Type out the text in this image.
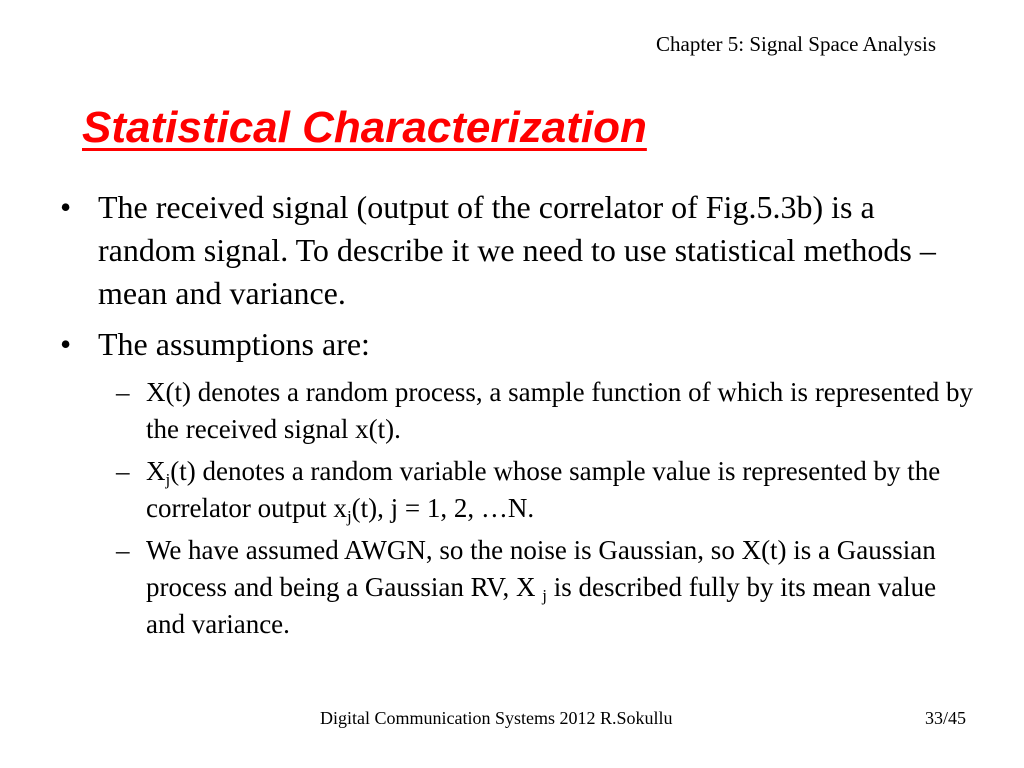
Chapter 5: Signal Space Analysis
Statistical Characterization
• The received signal (output of the correlator of Fig.5.3b) is a random signal. To describe it we need to use statistical methods – mean and variance.
• The assumptions are:
– X(t) denotes a random process, a sample function of which is represented by the received signal x(t).
– $X_j(t)$ denotes a random variable whose sample value is represented by the correlator output $x_j(t)$, j = 1, 2, …N.
– We have assumed AWGN, so the noise is Gaussian, so X(t) is a Gaussian process and being a Gaussian RV, X $_j$ is described fully by its mean value and variance.
Digital Communication Systems 2012 R.Sokullu	33/45
